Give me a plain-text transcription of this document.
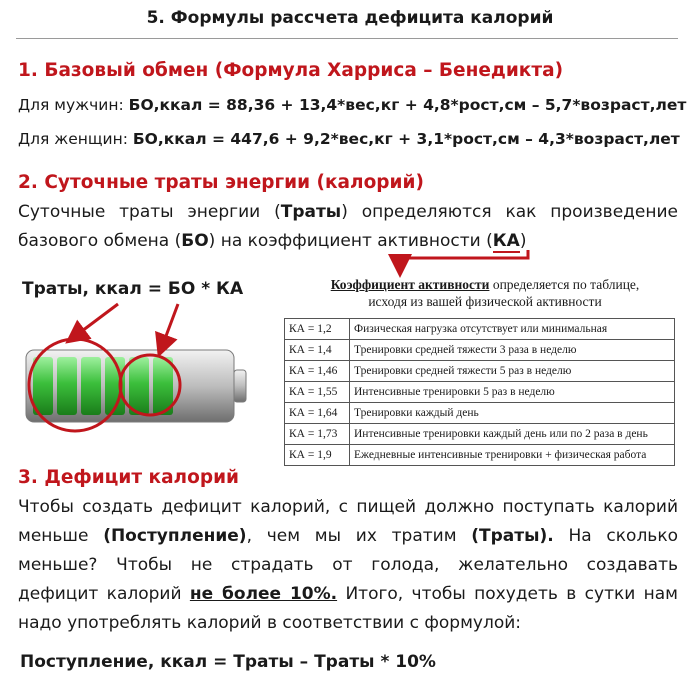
5. Формулы рассчета дефицита калорий
1. Базовый обмен (Формула Харриса – Бенедикта)
Для мужчин: БО,ккал = 88,36 + 13,4*вес,кг + 4,8*рост,см – 5,7*возраст,лет
Для женщин: БО,ккал = 447,6 + 9,2*вес,кг + 3,1*рост,см – 4,3*возраст,лет
2. Суточные траты энергии (калорий)
Суточные траты энергии (Траты) определяются как произведение
базового обмена (БО) на коэффициент активности (КА)
Траты, ккал = БО * КА	Коэффициент активности определяется по таблице,
исходя из вашей физической активности
КА = 1,2	Физическая нагрузка отсутствует или минимальная
КА = 1,4	Тренировки средней тяжести 3 раза в неделю
КА = 1,46	Тренировки средней тяжести 5 раз в неделю
КА = 1,55	Интенсивные тренировки 5 раз в неделю
КА = 1,64	Тренировки каждый день
КА = 1,73	Интенсивные тренировки каждый день или по 2 раза в день
КА = 1,9	Ежедневные интенсивные тренировки + физическая работа
3. Дефицит калорий
Чтобы создать дефицит калорий, с пищей должно поступать калорий
меньше (Поступление), чем мы их тратим (Траты). На сколько
меньше? Чтобы не страдать от голода, желательно создавать
дефицит калорий не более 10%. Итого, чтобы похудеть в сутки нам
надо употреблять калорий в соответствии с формулой:
Поступление, ккал = Траты – Траты * 10%
